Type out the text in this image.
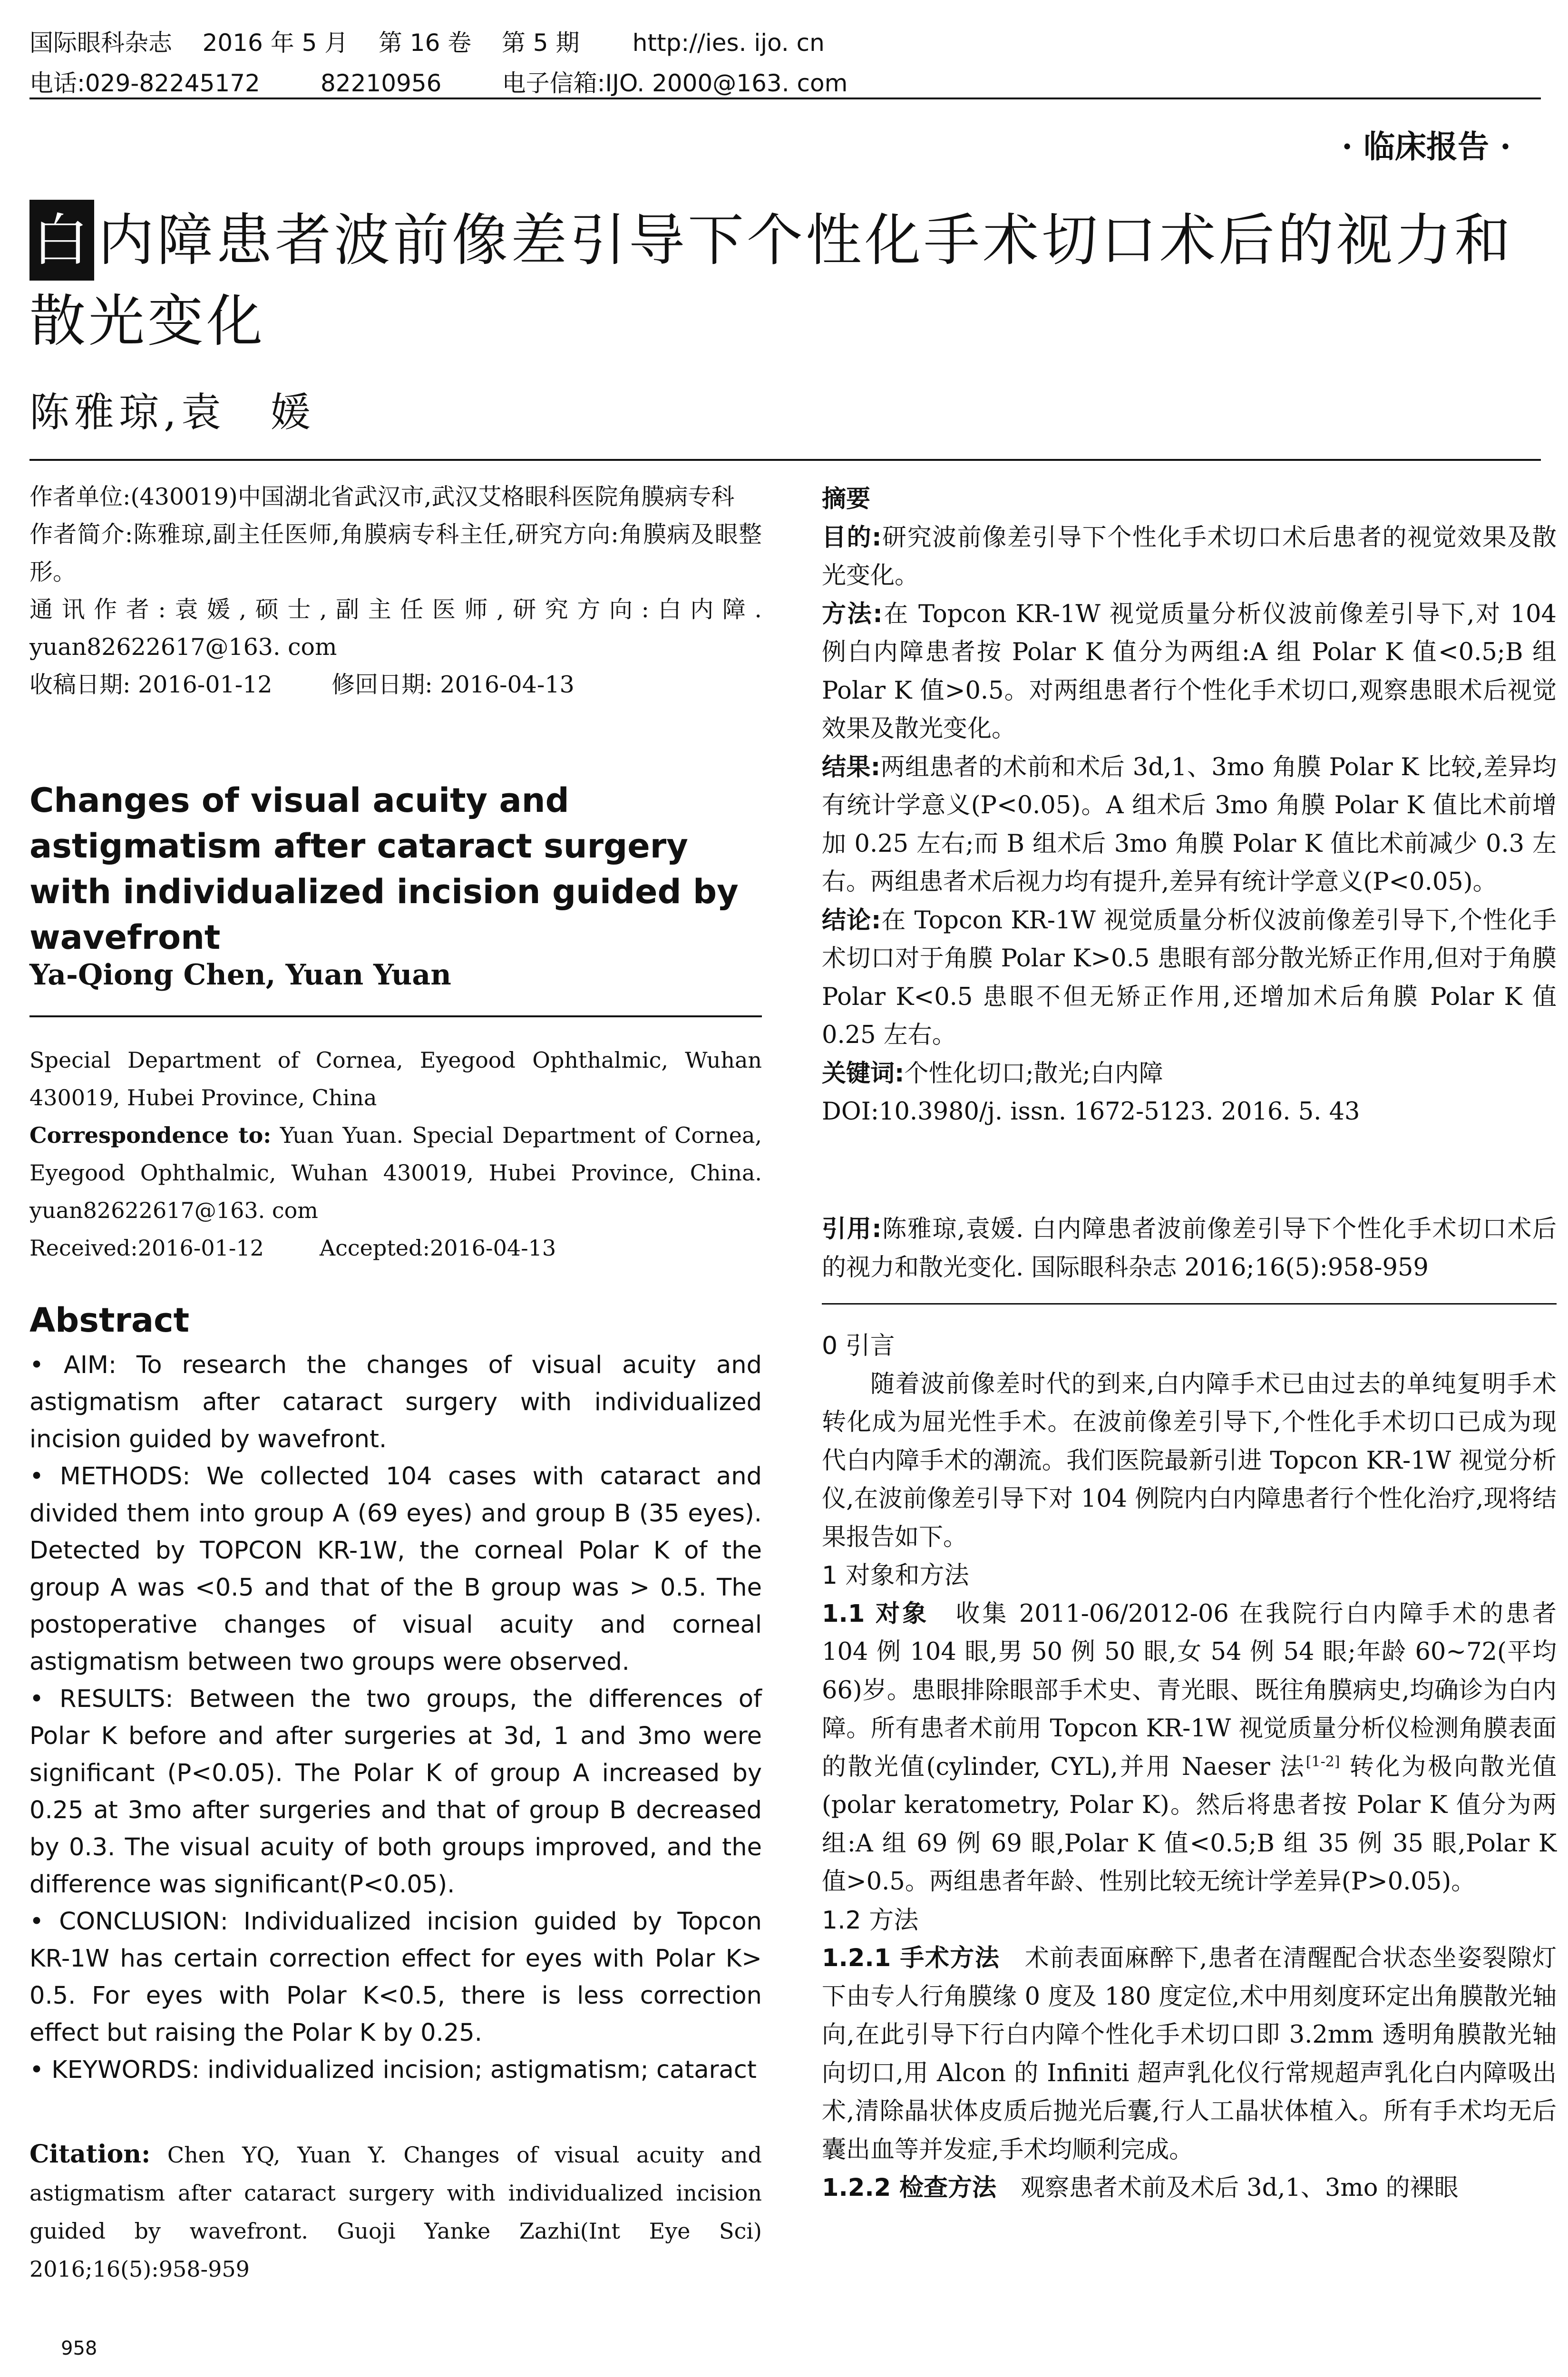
国际眼科杂志    2016 年 5 月    第 16 卷    第 5 期       http://ies. ijo. cn
电话:029-82245172        82210956        电子信箱:IJO. 2000@163. com
· 临床报告 ·
白 内障患者波前像差引导下个性化手术切口术后的视力和散光变化
陈雅琼,袁　媛

作者单位:(430019)中国湖北省武汉市,武汉艾格眼科医院角膜病专科

作者简介:陈雅琼,副主任医师,角膜病专科主任,研究方向:角膜病及眼整形。

通讯作者:袁媛,硕士,副主任医师,研究方向:白内障. yuan82622617@163. com

收稿日期: 2016-01-12        修回日期: 2016-04-13

Changes of visual acuity and astigmatism after cataract surgery with individualized incision guided by wavefront
Ya-Qiong Chen, Yuan Yuan

Special Department of Cornea, Eyegood Ophthalmic, Wuhan 430019, Hubei Province, China

Correspondence to: Yuan Yuan. Special Department of Cornea, Eyegood Ophthalmic, Wuhan 430019, Hubei Province, China. yuan82622617@163. com

Received:2016-01-12        Accepted:2016-04-13

Abstract

• AIM: To research the changes of visual acuity and astigmatism after cataract surgery with individualized incision guided by wavefront.

• METHODS: We collected 104 cases with cataract and divided them into group A (69 eyes) and group B (35 eyes). Detected by TOPCON KR-1W, the corneal Polar K of the group A was <0.5 and that of the B group was > 0.5. The postoperative changes of visual acuity and corneal astigmatism between two groups were observed.

• RESULTS: Between the two groups, the differences of Polar K before and after surgeries at 3d, 1 and 3mo were significant (P<0.05). The Polar K of group A increased by 0.25 at 3mo after surgeries and that of group B decreased by 0.3. The visual acuity of both groups improved, and the difference was significant(P<0.05).

• CONCLUSION: Individualized incision guided by Topcon KR-1W has certain correction effect for eyes with Polar K> 0.5. For eyes with Polar K<0.5, there is less correction effect but raising the Polar K by 0.25.

• KEYWORDS: individualized incision; astigmatism; cataract

Citation: Chen YQ, Yuan Y. Changes of visual acuity and astigmatism after cataract surgery with individualized incision guided by wavefront. Guoji Yanke Zazhi(Int Eye Sci) 2016;16(5):958-959
958

摘要

目的:研究波前像差引导下个性化手术切口术后患者的视觉效果及散光变化。

方法:在 Topcon KR-1W 视觉质量分析仪波前像差引导下,对 104 例白内障患者按 Polar K 值分为两组:A 组 Polar K 值<0.5;B 组 Polar K 值>0.5。对两组患者行个性化手术切口,观察患眼术后视觉效果及散光变化。

结果:两组患者的术前和术后 3d,1、3mo 角膜 Polar K 比较,差异均有统计学意义(P<0.05)。A 组术后 3mo 角膜 Polar K 值比术前增加 0.25 左右;而 B 组术后 3mo 角膜 Polar K 值比术前减少 0.3 左右。两组患者术后视力均有提升,差异有统计学意义(P<0.05)。

结论:在 Topcon KR-1W 视觉质量分析仪波前像差引导下,个性化手术切口对于角膜 Polar K>0.5 患眼有部分散光矫正作用,但对于角膜 Polar K<0.5 患眼不但无矫正作用,还增加术后角膜 Polar K 值 0.25 左右。

关键词:个性化切口;散光;白内障

DOI:10.3980/j. issn. 1672-5123. 2016. 5. 43

引用:陈雅琼,袁媛. 白内障患者波前像差引导下个性化手术切口术后的视力和散光变化. 国际眼科杂志 2016;16(5):958-959

0 引言

随着波前像差时代的到来,白内障手术已由过去的单纯复明手术转化成为屈光性手术。在波前像差引导下,个性化手术切口已成为现代白内障手术的潮流。我们医院最新引进 Topcon KR-1W 视觉分析仪,在波前像差引导下对 104 例院内白内障患者行个性化治疗,现将结果报告如下。

1 对象和方法

1.1 对象　收集 2011-06/2012-06 在我院行白内障手术的患者 104 例 104 眼,男 50 例 50 眼,女 54 例 54 眼;年龄 60~72(平均 66)岁。患眼排除眼部手术史、青光眼、既往角膜病史,均确诊为白内障。所有患者术前用 Topcon KR-1W 视觉质量分析仪检测角膜表面的散光值(cylinder, CYL),并用 Naeser 法[1-2] 转化为极向散光值(polar keratometry, Polar K)。然后将患者按 Polar K 值分为两组:A 组 69 例 69 眼,Polar K 值<0.5;B 组 35 例 35 眼,Polar K 值>0.5。两组患者年龄、性别比较无统计学差异(P>0.05)。

1.2 方法

1.2.1 手术方法　术前表面麻醉下,患者在清醒配合状态坐姿裂隙灯下由专人行角膜缘 0 度及 180 度定位,术中用刻度环定出角膜散光轴向,在此引导下行白内障个性化手术切口即 3.2mm 透明角膜散光轴向切口,用 Alcon 的 Infiniti 超声乳化仪行常规超声乳化白内障吸出术,清除晶状体皮质后抛光后囊,行人工晶状体植入。所有手术均无后囊出血等并发症,手术均顺利完成。

1.2.2 检查方法　观察患者术前及术后 3d,1、3mo 的裸眼
